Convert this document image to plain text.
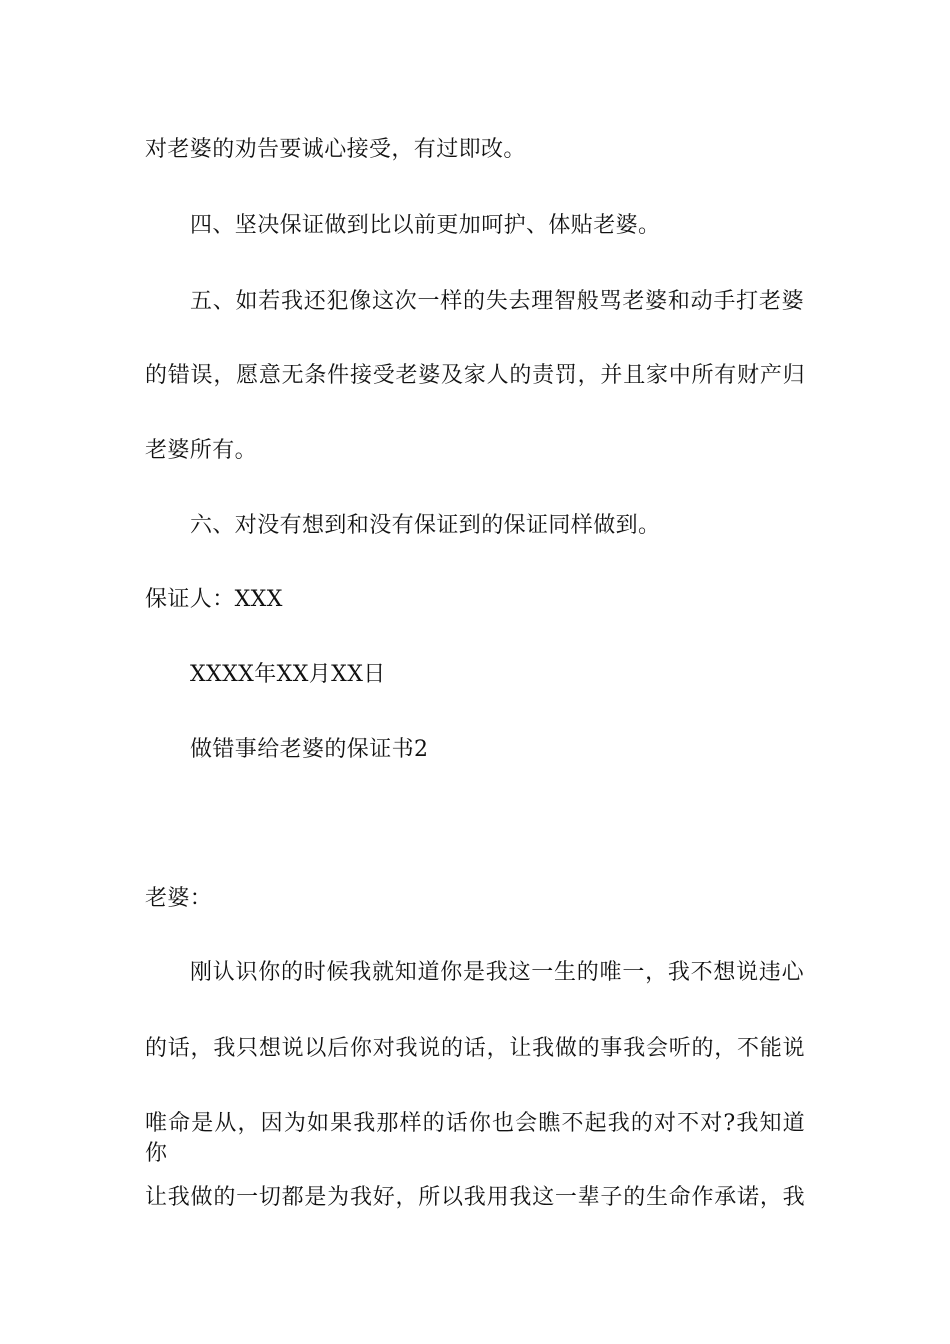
对老婆的劝告要诚心接受，有过即改。
四、坚决保证做到比以前更加呵护、体贴老婆。
五、如若我还犯像这次一样的失去理智般骂老婆和动手打老婆
的错误，愿意无条件接受老婆及家人的责罚，并且家中所有财产归
老婆所有。
六、对没有想到和没有保证到的保证同样做到。
保证人：XXX
XXXX年XX月XX日
做错事给老婆的保证书2
老婆：
刚认识你的时候我就知道你是我这一生的唯一，我不想说违心
的话，我只想说以后你对我说的话，让我做的事我会听的，不能说
唯命是从，因为如果我那样的话你也会瞧不起我的对不对?我知道你
让我做的一切都是为我好，所以我用我这一辈子的生命作承诺，我
